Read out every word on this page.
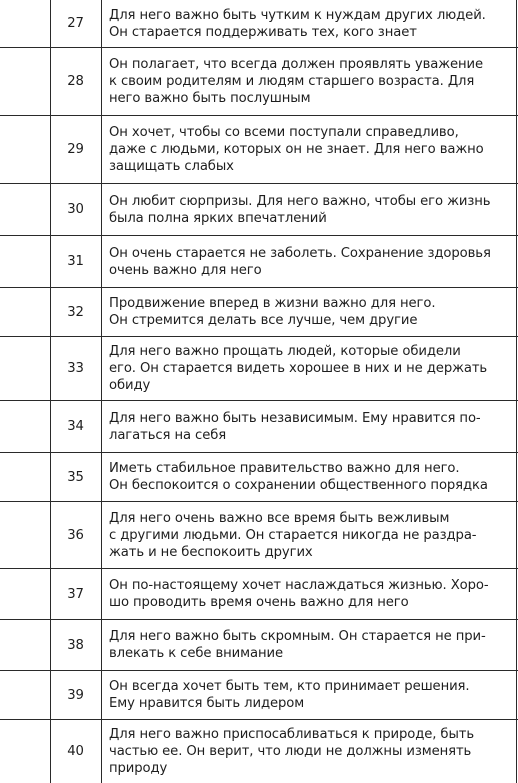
27
Для него важно быть чутким к нуждам других людей.
Он старается поддерживать тех, кого знает
28
Он полагает, что всегда должен проявлять уважение
к своим родителям и людям старшего возраста. Для
него важно быть послушным
29
Он хочет, чтобы со всеми поступали справедливо,
даже с людьми, которых он не знает. Для него важно
защищать слабых
30
Он любит сюрпризы. Для него важно, чтобы его жизнь
была полна ярких впечатлений
31
Он очень старается не заболеть. Сохранение здоровья
очень важно для него
32
Продвижение вперед в жизни важно для него.
Он стремится делать все лучше, чем другие
33
Для него важно прощать людей, которые обидели
его. Он старается видеть хорошее в них и не держать
обиду
34
Для него важно быть независимым. Ему нравится по-
лагаться на себя
35
Иметь стабильное правительство важно для него.
Он беспокоится о сохранении общественного порядка
36
Для него очень важно все время быть вежливым
с другими людьми. Он старается никогда не раздра-
жать и не беспокоить других
37
Он по-настоящему хочет наслаждаться жизнью. Хоро-
шо проводить время очень важно для него
38
Для него важно быть скромным. Он старается не при-
влекать к себе внимание
39
Он всегда хочет быть тем, кто принимает решения.
Ему нравится быть лидером
40
Для него важно приспосабливаться к природе, быть
частью ее. Он верит, что люди не должны изменять
природу
